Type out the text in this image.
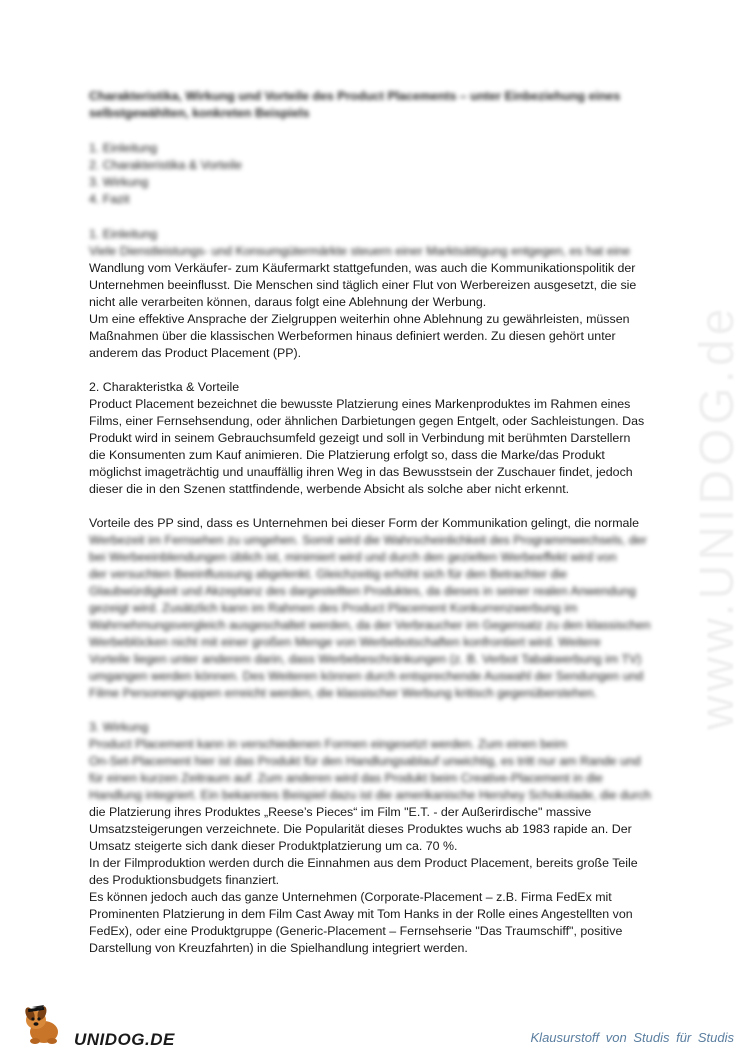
www.UNIDOG.de

Charakteristika, Wirkung und Vorteile des Product Placements – unter Einbeziehung eines selbstgewählten, konkreten Beispiels

1. Einleitung

2. Charakteristika & Vorteile

3. Wirkung

4. Fazit

1. Einleitung

Viele Dienstleistungs- und Konsumgütermärkte steuern einer Marktsättigung entgegen, es hat eine

Wandlung vom Verkäufer- zum Käufermarkt stattgefunden, was auch die Kommunikationspolitik der

Unternehmen beeinflusst. Die Menschen sind täglich einer Flut von Werbereizen ausgesetzt, die sie

nicht alle verarbeiten können, daraus folgt eine Ablehnung der Werbung.

Um eine effektive Ansprache der Zielgruppen weiterhin ohne Ablehnung zu gewährleisten, müssen

Maßnahmen über die klassischen Werbeformen hinaus definiert werden. Zu diesen gehört unter

anderem das Product Placement (PP).

2. Charakteristka & Vorteile

Product Placement bezeichnet die bewusste Platzierung eines Markenproduktes im Rahmen eines

Films, einer Fernsehsendung, oder ähnlichen Darbietungen gegen Entgelt, oder Sachleistungen. Das

Produkt wird in seinem Gebrauchsumfeld gezeigt und soll in Verbindung mit berühmten Darstellern

die Konsumenten zum Kauf animieren. Die Platzierung erfolgt so, dass die Marke/das Produkt

möglichst imageträchtig und unauffällig ihren Weg in das Bewusstsein der Zuschauer findet, jedoch

dieser die in den Szenen stattfindende, werbende Absicht als solche aber nicht erkennt.

Vorteile des PP sind, dass es Unternehmen bei dieser Form der Kommunikation gelingt, die normale

Werbezeit im Fernsehen zu umgehen. Somit wird die Wahrscheinlichkeit des Programmwechsels, der

bei Werbeeinblendungen üblich ist, minimiert wird und durch den gezielten Werbeeffekt wird von

der versuchten Beeinflussung abgelenkt. Gleichzeitig erhöht sich für den Betrachter die

Glaubwürdigkeit und Akzeptanz des dargestellten Produktes, da dieses in seiner realen Anwendung

gezeigt wird. Zusätzlich kann im Rahmen des Product Placement Konkurrenzwerbung im

Wahrnehmungsvergleich ausgeschaltet werden, da der Verbraucher im Gegensatz zu den klassischen

Werbeblöcken nicht mit einer großen Menge von Werbebotschaften konfrontiert wird. Weitere

Vorteile liegen unter anderem darin, dass Werbebeschränkungen (z. B. Verbot Tabakwerbung im TV)

umgangen werden können. Des Weiteren können durch entsprechende Auswahl der Sendungen und

Filme Personengruppen erreicht werden, die klassischer Werbung kritisch gegenüberstehen.

3. Wirkung

Product Placement kann in verschiedenen Formen eingesetzt werden. Zum einen beim

On-Set-Placement hier ist das Produkt für den Handlungsablauf unwichtig, es tritt nur am Rande und

für einen kurzen Zeitraum auf. Zum anderen wird das Produkt beim Creative-Placement in die

Handlung integriert. Ein bekanntes Beispiel dazu ist die amerikanische Hershey Schokolade, die durch

die Platzierung ihres Produktes „Reese’s Pieces“ im Film "E.T. - der Außerirdische" massive

Umsatzsteigerungen verzeichnete. Die Popularität dieses Produktes wuchs ab 1983 rapide an. Der

Umsatz steigerte sich dank dieser Produktplatzierung um ca. 70 %.

In der Filmproduktion werden durch die Einnahmen aus dem Product Placement, bereits große Teile

des Produktionsbudgets finanziert.

Es können jedoch auch das ganze Unternehmen (Corporate-Placement – z.B. Firma FedEx mit

Prominenten Platzierung in dem Film Cast Away mit Tom Hanks in der Rolle eines Angestellten von

FedEx), oder eine Produktgruppe (Generic-Placement – Fernsehserie "Das Traumschiff", positive

Darstellung von Kreuzfahrten) in die Spielhandlung integriert werden.

UNIDOG.DE	Klausurstoff von Studis für Studis
